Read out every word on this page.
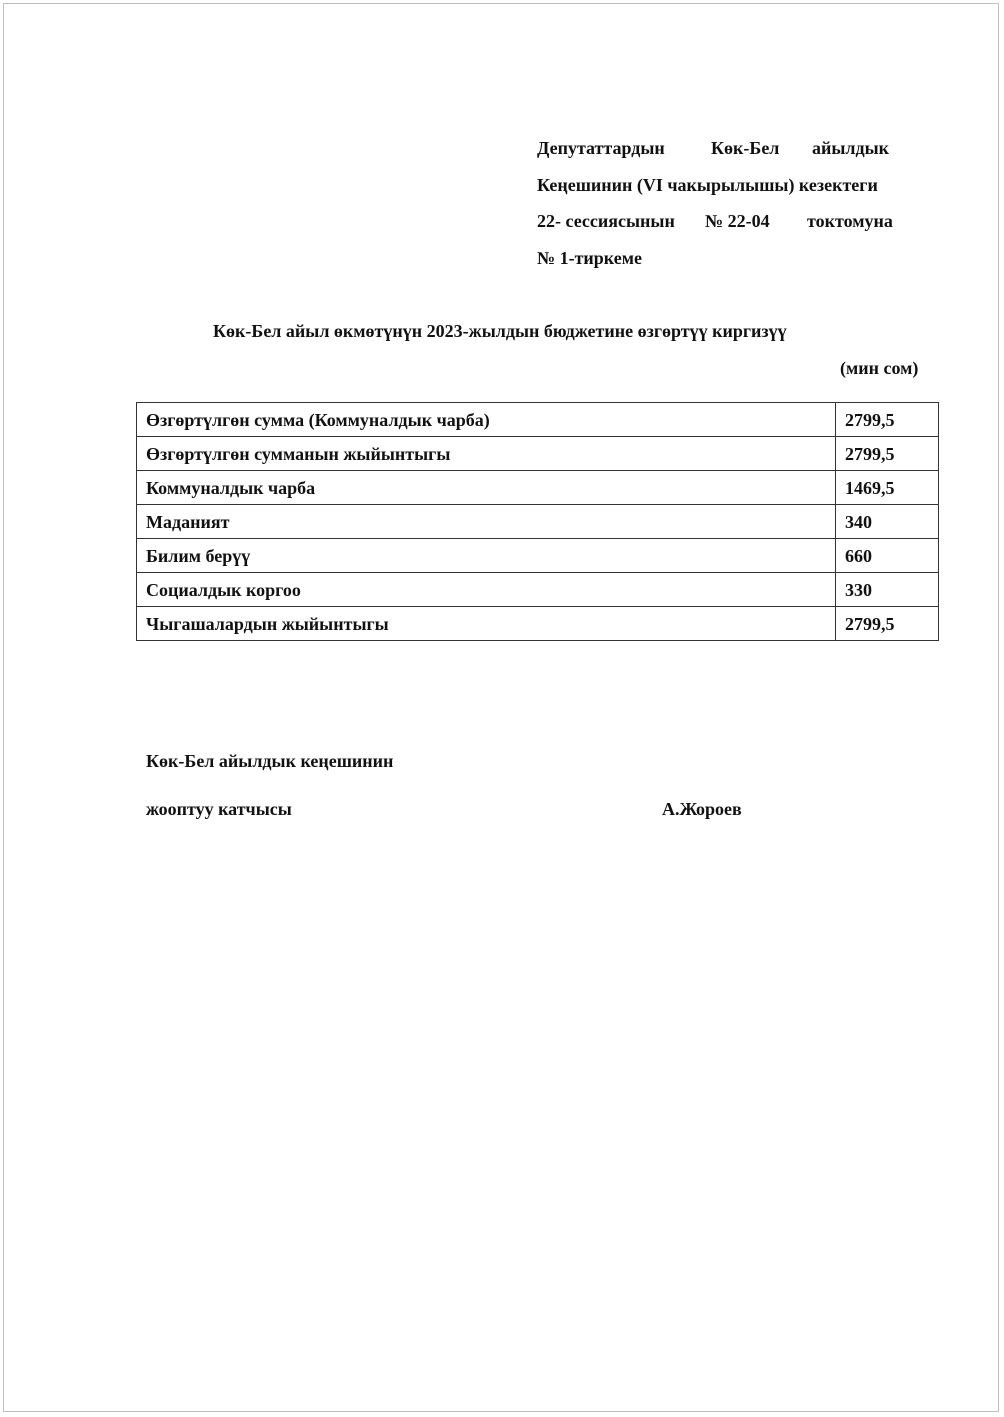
Депутаттардын	Көк-Бел айылдык
Кеңешинин (VI чакырылышы) кезектеги
22- сессиясынын № 22-04 токтомуна
№ 1-тиркеме
Көк-Бел айыл өкмөтүнүн 2023-жылдын бюджетине өзгөртүү киргизүү
(мин сом)
Өзгөртүлгөн сумма (Коммуналдык чарба)	2799,5
Өзгөртүлгөн сумманын жыйынтыгы	2799,5
Коммуналдык чарба	1469,5
Маданият	340
Билим берүү	660
Социалдык коргоо	330
Чыгашалардын жыйынтыгы	2799,5
Көк-Бел айылдык кеңешинин
жооптуу катчысы	А.Жороев
